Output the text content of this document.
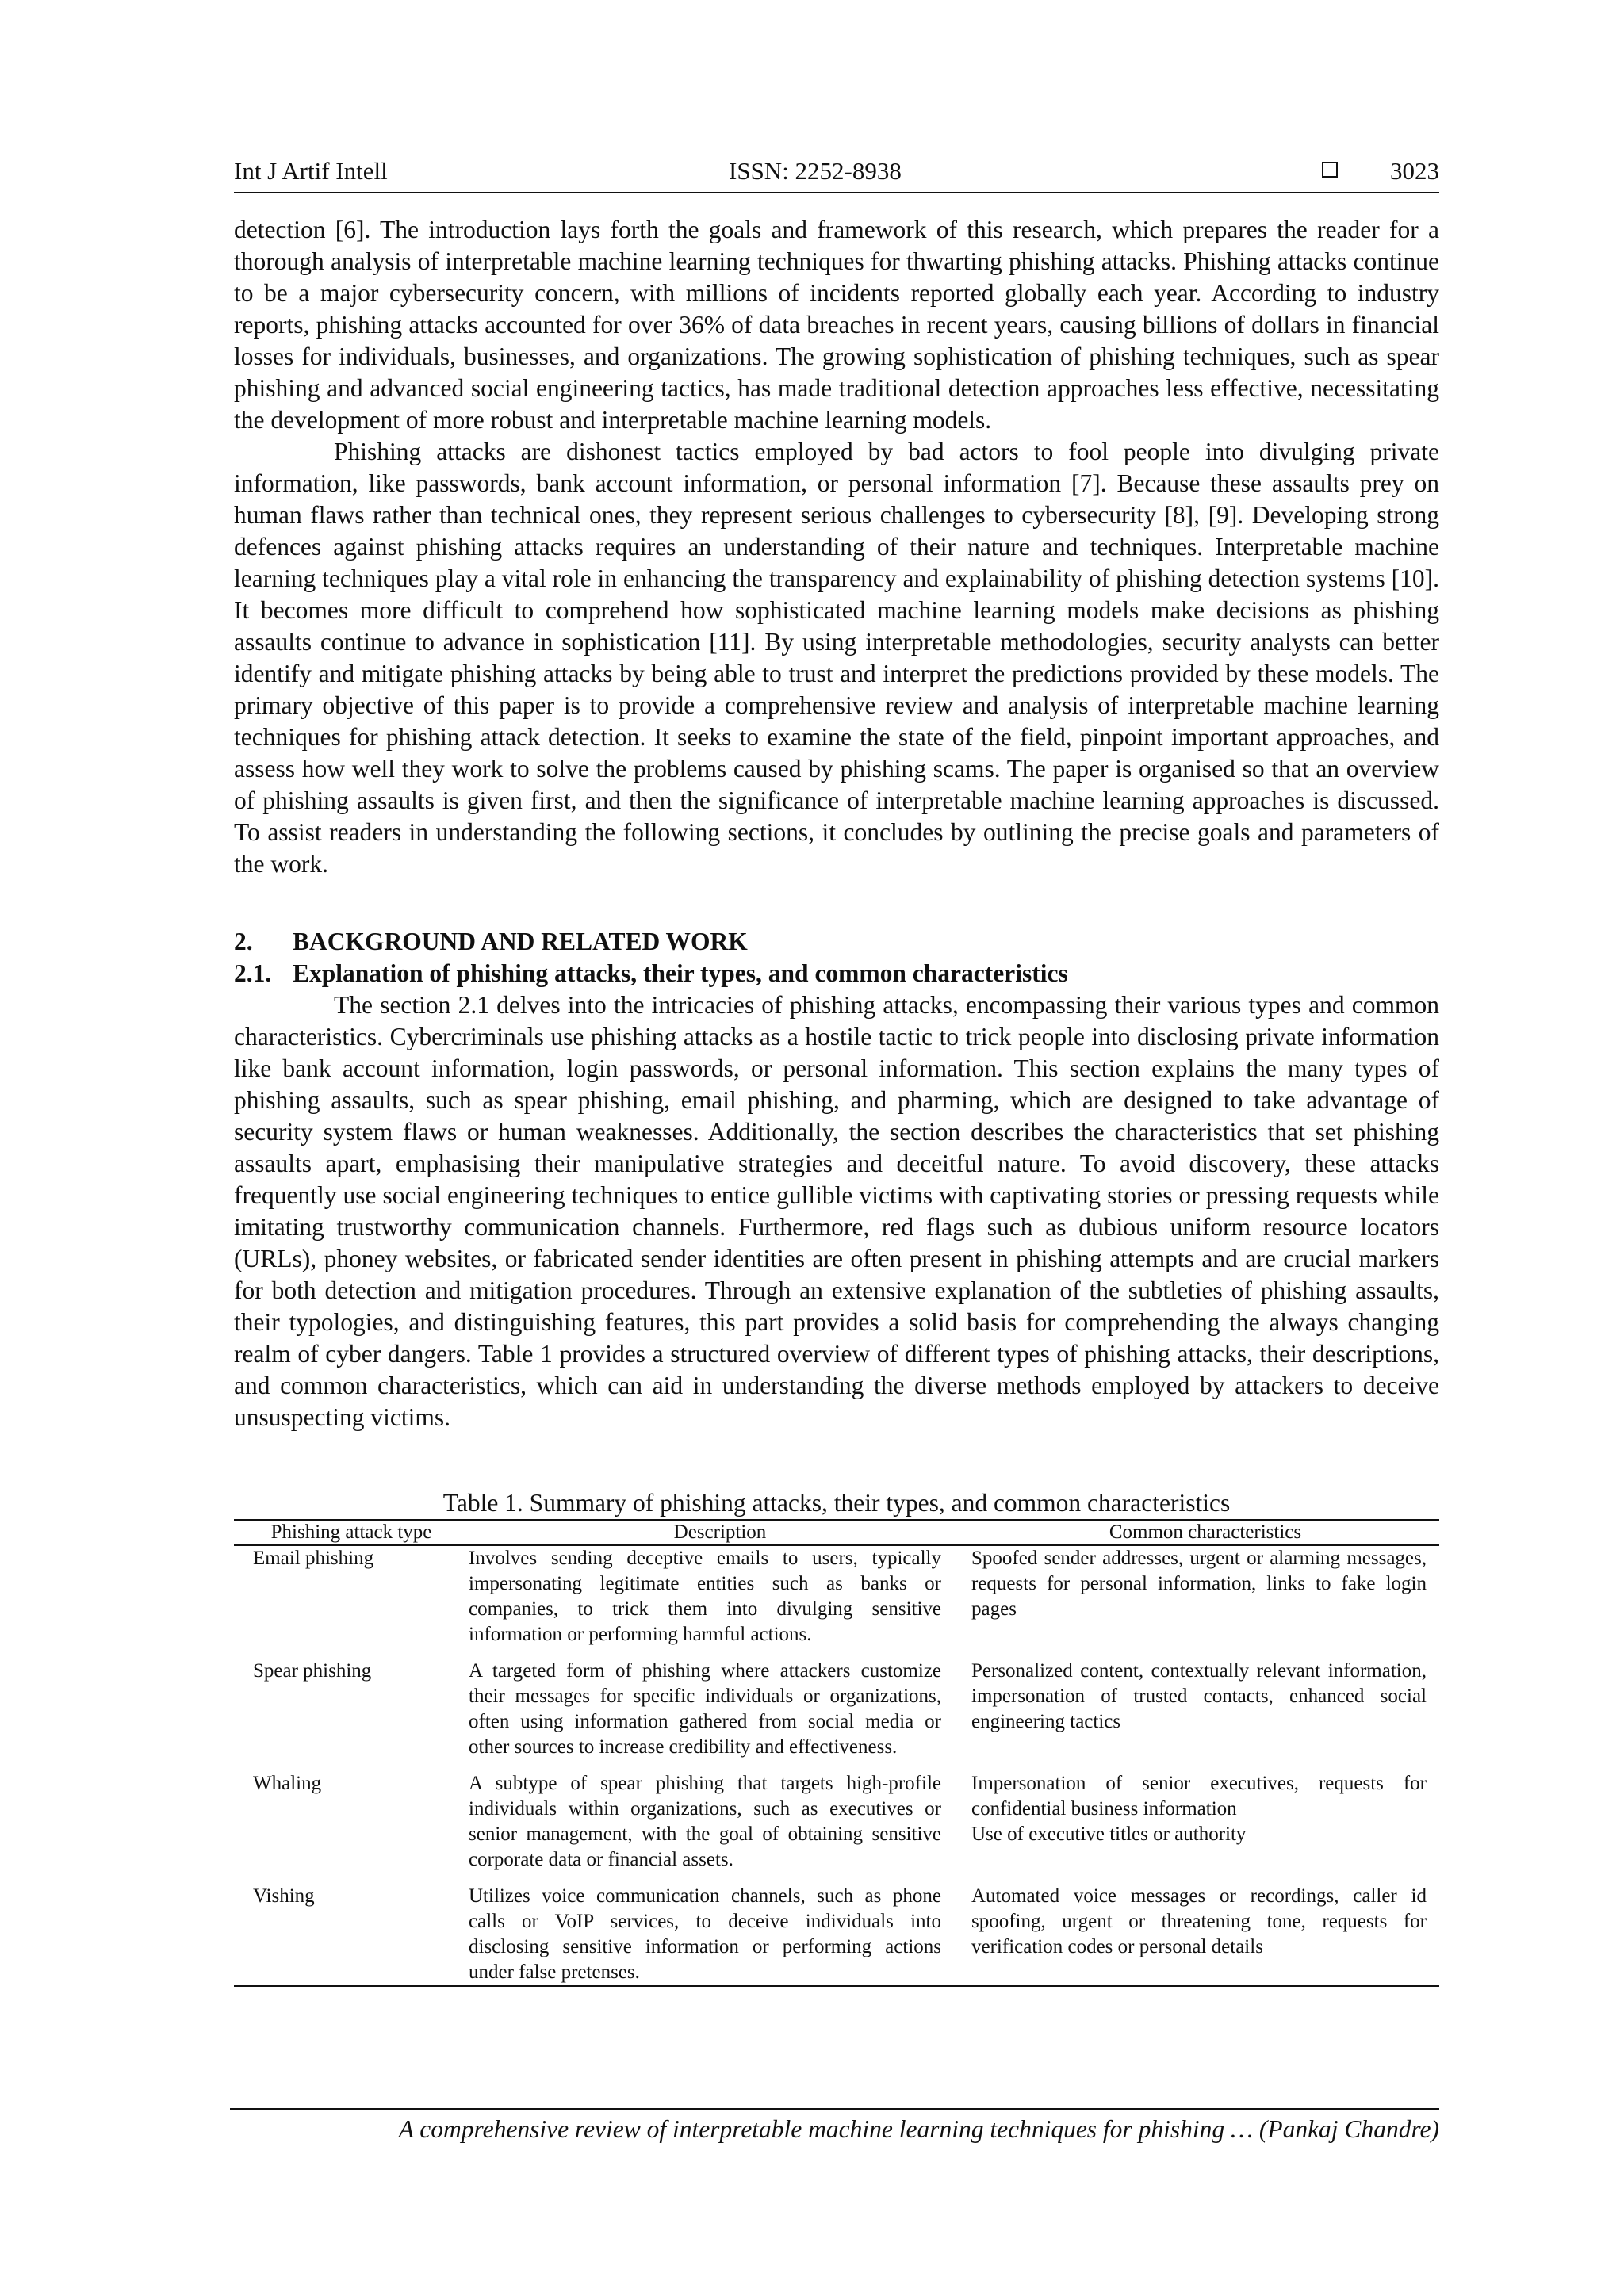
Int J Artif Intell	ISSN: 2252-8938	3023

detection [6]. The introduction lays forth the goals and framework of this research, which prepares the reader for a thorough analysis of interpretable machine learning techniques for thwarting phishing attacks. Phishing attacks continue to be a major cybersecurity concern, with millions of incidents reported globally each year. According to industry reports, phishing attacks accounted for over 36% of data breaches in recent years, causing billions of dollars in financial losses for individuals, businesses, and organizations. The growing sophistication of phishing techniques, such as spear phishing and advanced social engineering tactics, has made traditional detection approaches less effective, necessitating the development of more robust and interpretable machine learning models.

Phishing attacks are dishonest tactics employed by bad actors to fool people into divulging private information, like passwords, bank account information, or personal information [7]. Because these assaults prey on human flaws rather than technical ones, they represent serious challenges to cybersecurity [8], [9]. Developing strong defences against phishing attacks requires an understanding of their nature and techniques. Interpretable machine learning techniques play a vital role in enhancing the transparency and explainability of phishing detection systems [10]. It becomes more difficult to comprehend how sophisticated machine learning models make decisions as phishing assaults continue to advance in sophistication [11]. By using interpretable methodologies, security analysts can better identify and mitigate phishing attacks by being able to trust and interpret the predictions provided by these models. The primary objective of this paper is to provide a comprehensive review and analysis of interpretable machine learning techniques for phishing attack detection. It seeks to examine the state of the field, pinpoint important approaches, and assess how well they work to solve the problems caused by phishing scams. The paper is organised so that an overview of phishing assaults is given first, and then the significance of interpretable machine learning approaches is discussed. To assist readers in understanding the following sections, it concludes by outlining the precise goals and parameters of the work.

2. BACKGROUND AND RELATED WORK
2.1. Explanation of phishing attacks, their types, and common characteristics

The section 2.1 delves into the intricacies of phishing attacks, encompassing their various types and common characteristics. Cybercriminals use phishing attacks as a hostile tactic to trick people into disclosing private information like bank account information, login passwords, or personal information. This section explains the many types of phishing assaults, such as spear phishing, email phishing, and pharming, which are designed to take advantage of security system flaws or human weaknesses. Additionally, the section describes the characteristics that set phishing assaults apart, emphasising their manipulative strategies and deceitful nature. To avoid discovery, these attacks frequently use social engineering techniques to entice gullible victims with captivating stories or pressing requests while imitating trustworthy communication channels. Furthermore, red flags such as dubious uniform resource locators (URLs), phoney websites, or fabricated sender identities are often present in phishing attempts and are crucial markers for both detection and mitigation procedures. Through an extensive explanation of the subtleties of phishing assaults, their typologies, and distinguishing features, this part provides a solid basis for comprehending the always changing realm of cyber dangers. Table 1 provides a structured overview of different types of phishing attacks, their descriptions, and common characteristics, which can aid in understanding the diverse methods employed by attackers to deceive unsuspecting victims.

Table 1. Summary of phishing attacks, their types, and common characteristics
Phishing attack type	Description	Common characteristics
Email phishing	Involves sending deceptive emails to users, typically impersonating legitimate entities such as banks or companies, to trick them into divulging sensitive information or performing harmful actions.	Spoofed sender addresses, urgent or alarming messages, requests for personal information, links to fake login pages

Spear phishing	A targeted form of phishing where attackers customize their messages for specific individuals or organizations, often using information gathered from social media or other sources to increase credibility and effectiveness.	Personalized content, contextually relevant information, impersonation of trusted contacts, enhanced social engineering tactics

Whaling	A subtype of spear phishing that targets high-profile individuals within organizations, such as executives or senior management, with the goal of obtaining sensitive corporate data or financial assets.	Impersonation of senior executives, requests for confidential business information
Use of executive titles or authority

Vishing	Utilizes voice communication channels, such as phone calls or VoIP services, to deceive individuals into disclosing sensitive information or performing actions under false pretenses.	Automated voice messages or recordings, caller id spoofing, urgent or threatening tone, requests for verification codes or personal details
A comprehensive review of interpretable machine learning techniques for phishing … (Pankaj Chandre)
